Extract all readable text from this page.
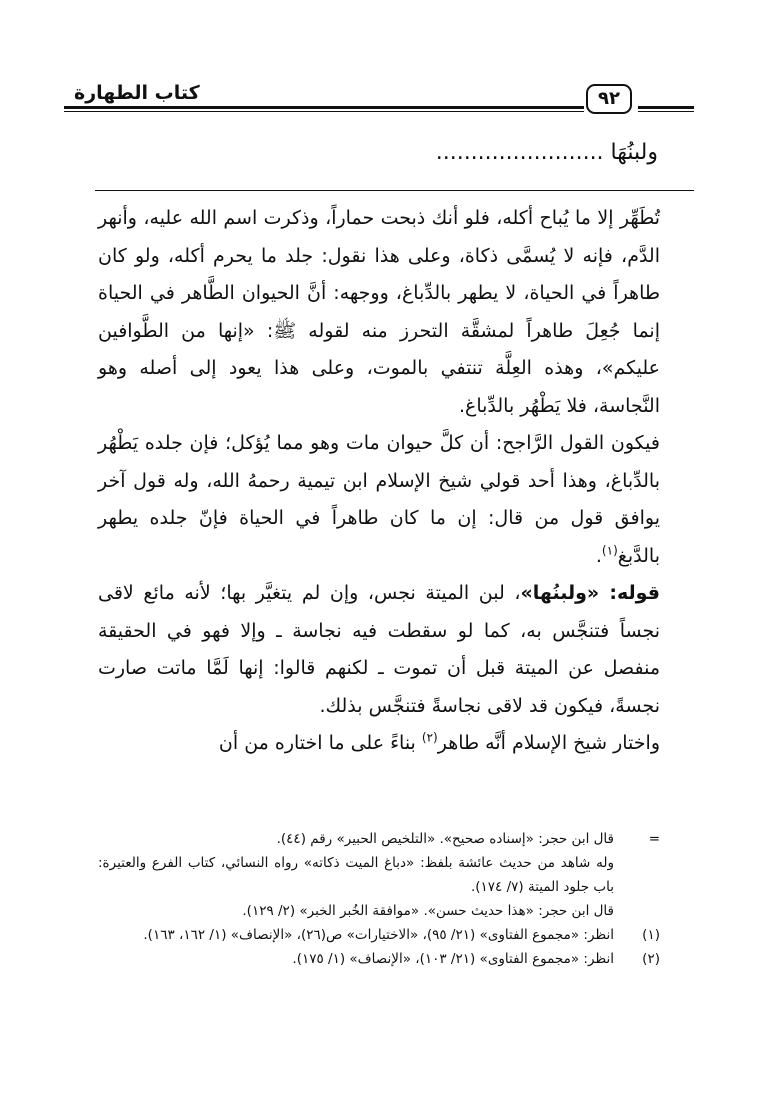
٩٢
كتاب الطهارة
ولبنُهَا ........................

تُطَهِّر إلا ما يُباح أكله، فلو أنك ذبحت حماراً، وذكرت اسم الله عليه، وأنهر الدَّم، فإنه لا يُسمَّى ذكاة، وعلى هذا نقول: جلد ما يحرم أكله، ولو كان طاهراً في الحياة، لا يطهر بالدِّباغ، ووجهه: أنَّ الحيوان الطَّاهر في الحياة إنما جُعِلَ طاهراً لمشقَّة التحرز منه لقوله ﷺ: «إنها من الطَّوافين عليكم»، وهذه العِلَّة تنتفي بالموت، وعلى هذا يعود إلى أصله وهو النَّجاسة، فلا يَطْهُر بالدِّباغ.

فيكون القول الرَّاجح: أن كلَّ حيوان مات وهو مما يُؤكل؛ فإن جلده يَطْهُر بالدِّباغ، وهذا أحد قولي شيخ الإسلام ابن تيمية رحمهُ الله، وله قول آخر يوافق قول من قال: إن ما كان طاهراً في الحياة فإنّ جلده يطهر بالدَّبغ$^{(١)}$.

قوله: «ولبنُها»، لبن الميتة نجس، وإن لم يتغيَّر بها؛ لأنه مائع لاقى نجساً فتنجَّس به، كما لو سقطت فيه نجاسة ـ وإلا فهو في الحقيقة منفصل عن الميتة قبل أن تموت ـ لكنهم قالوا: إنها لَمَّا ماتت صارت نجسةً، فيكون قد لاقى نجاسةً فتنجَّس بذلك.

واختار شيخ الإسلام أنَّه طاهر$^{(٢)}$ بناءً على ما اختاره من أن

=
قال ابن حجر: «إسناده صحيح». «التلخيص الحبير» رقم (٤٤).
وله شاهد من حديث عائشة بلفظ: «دباغ الميت ذكاته» رواه النسائي، كتاب الفرع والعتيرة: باب جلود الميتة (٧/ ١٧٤).
قال ابن حجر: «هذا حديث حسن». «موافقة الخُبر الخبر» (٢/ ١٢٩).
(١)
انظر: «مجموع الفتاوى» (٢١/ ٩٥)، «الاختيارات» ص(٢٦)، «الإنصاف» (١/ ١٦٢، ١٦٣).
(٢)
انظر: «مجموع الفتاوى» (٢١/ ١٠٣)، «الإنصاف» (١/ ١٧٥).
